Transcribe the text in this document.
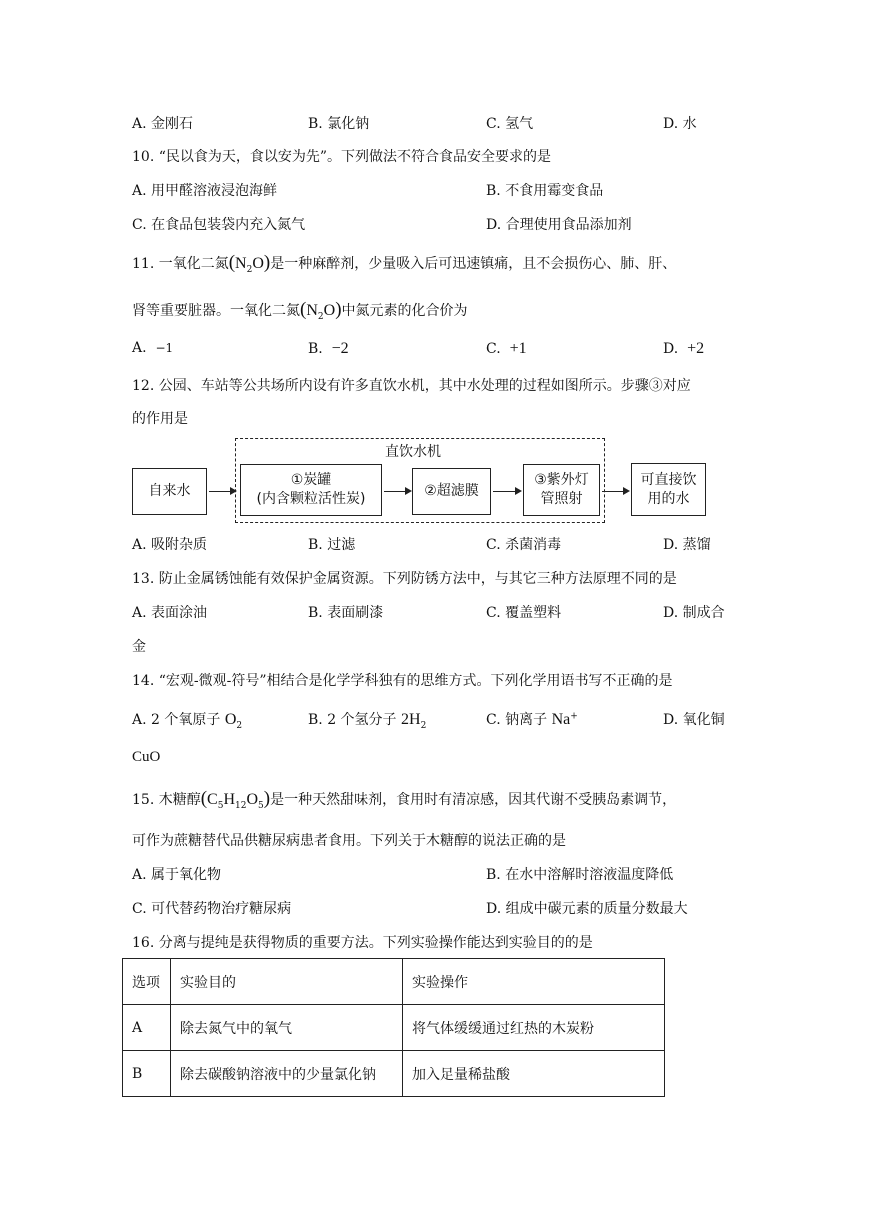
A. 金刚石	B. 氯化钠	C. 氢气	D. 水
10. “民以食为天，食以安为先”。下列做法不符合食品安全要求的是
A. 用甲醛溶液浸泡海鲜	B. 不食用霉变食品
C. 在食品包装袋内充入氮气	D. 合理使用食品添加剂
11. 一氧化二氮$(N_2O)$是一种麻醉剂，少量吸入后可迅速镇痛，且不会损伤心、肺、肝、
肾等重要脏器。一氧化二氮$(N_2O)$中氮元素的化合价为
A. −1	B. −2	C. +1	D. +2
12. 公园、车站等公共场所内设有许多直饮水机，其中水处理的过程如图所示。步骤③对应
的作用是
直饮水机
自来水
①炭罐
(内含颗粒活性炭)	②超滤膜
③紫外灯
管照射
可直接饮
用的水
A. 吸附杂质	B. 过滤	C. 杀菌消毒	D. 蒸馏
13. 防止金属锈蚀能有效保护金属资源。下列防锈方法中，与其它三种方法原理不同的是
A. 表面涂油	B. 表面刷漆	C. 覆盖塑料	D. 制成合
金
14. “宏观-微观-符号”相结合是化学学科独有的思维方式。下列化学用语书写不正确的是
A. 2 个氧原子 $O_2$	B. 2 个氢分子 $2H_2$	C. 钠离子 Na+	D. 氧化铜
CuO
15. 木糖醇$(C_5H_{12}O_5)$是一种天然甜味剂，食用时有清凉感，因其代谢不受胰岛素调节，
可作为蔗糖替代品供糖尿病患者食用。下列关于木糖醇的说法正确的是
A. 属于氧化物	B. 在水中溶解时溶液温度降低
C. 可代替药物治疗糖尿病	D. 组成中碳元素的质量分数最大
16. 分离与提纯是获得物质的重要方法。下列实验操作能达到实验目的的是
选项	实验目的	实验操作
A	除去氮气中的氧气	将气体缓缓通过红热的木炭粉
B	除去碳酸钠溶液中的少量氯化钠	加入足量稀盐酸
